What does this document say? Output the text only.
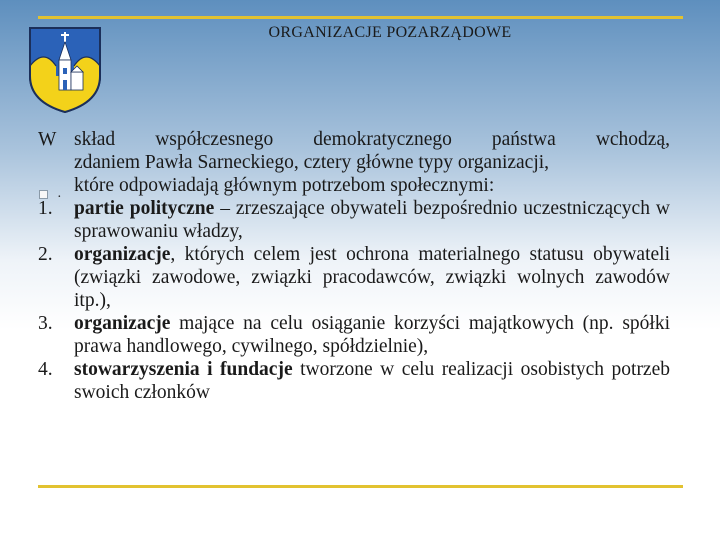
ORGANIZACJE POZARZĄDOWE
·
W skład współczesnego demokratycznego państwa wchodzą,
zdaniem Pawła Sarneckiego, cztery główne typy organizacji,
które odpowiadają głównym potrzebom społecznymi:
1.	partie polityczne – zrzeszające obywateli bezpośrednio uczestniczących w sprawowaniu władzy,
2.	organizacje, których celem jest ochrona materialnego statusu obywateli (związki zawodowe, związki pracodawców, związki wolnych zawodów itp.),
3.	organizacje mające na celu osiąganie korzyści majątkowych (np. spółki prawa handlowego, cywilnego, spółdzielnie),
4.	stowarzyszenia i fundacje tworzone w celu realizacji osobistych potrzeb swoich członków
